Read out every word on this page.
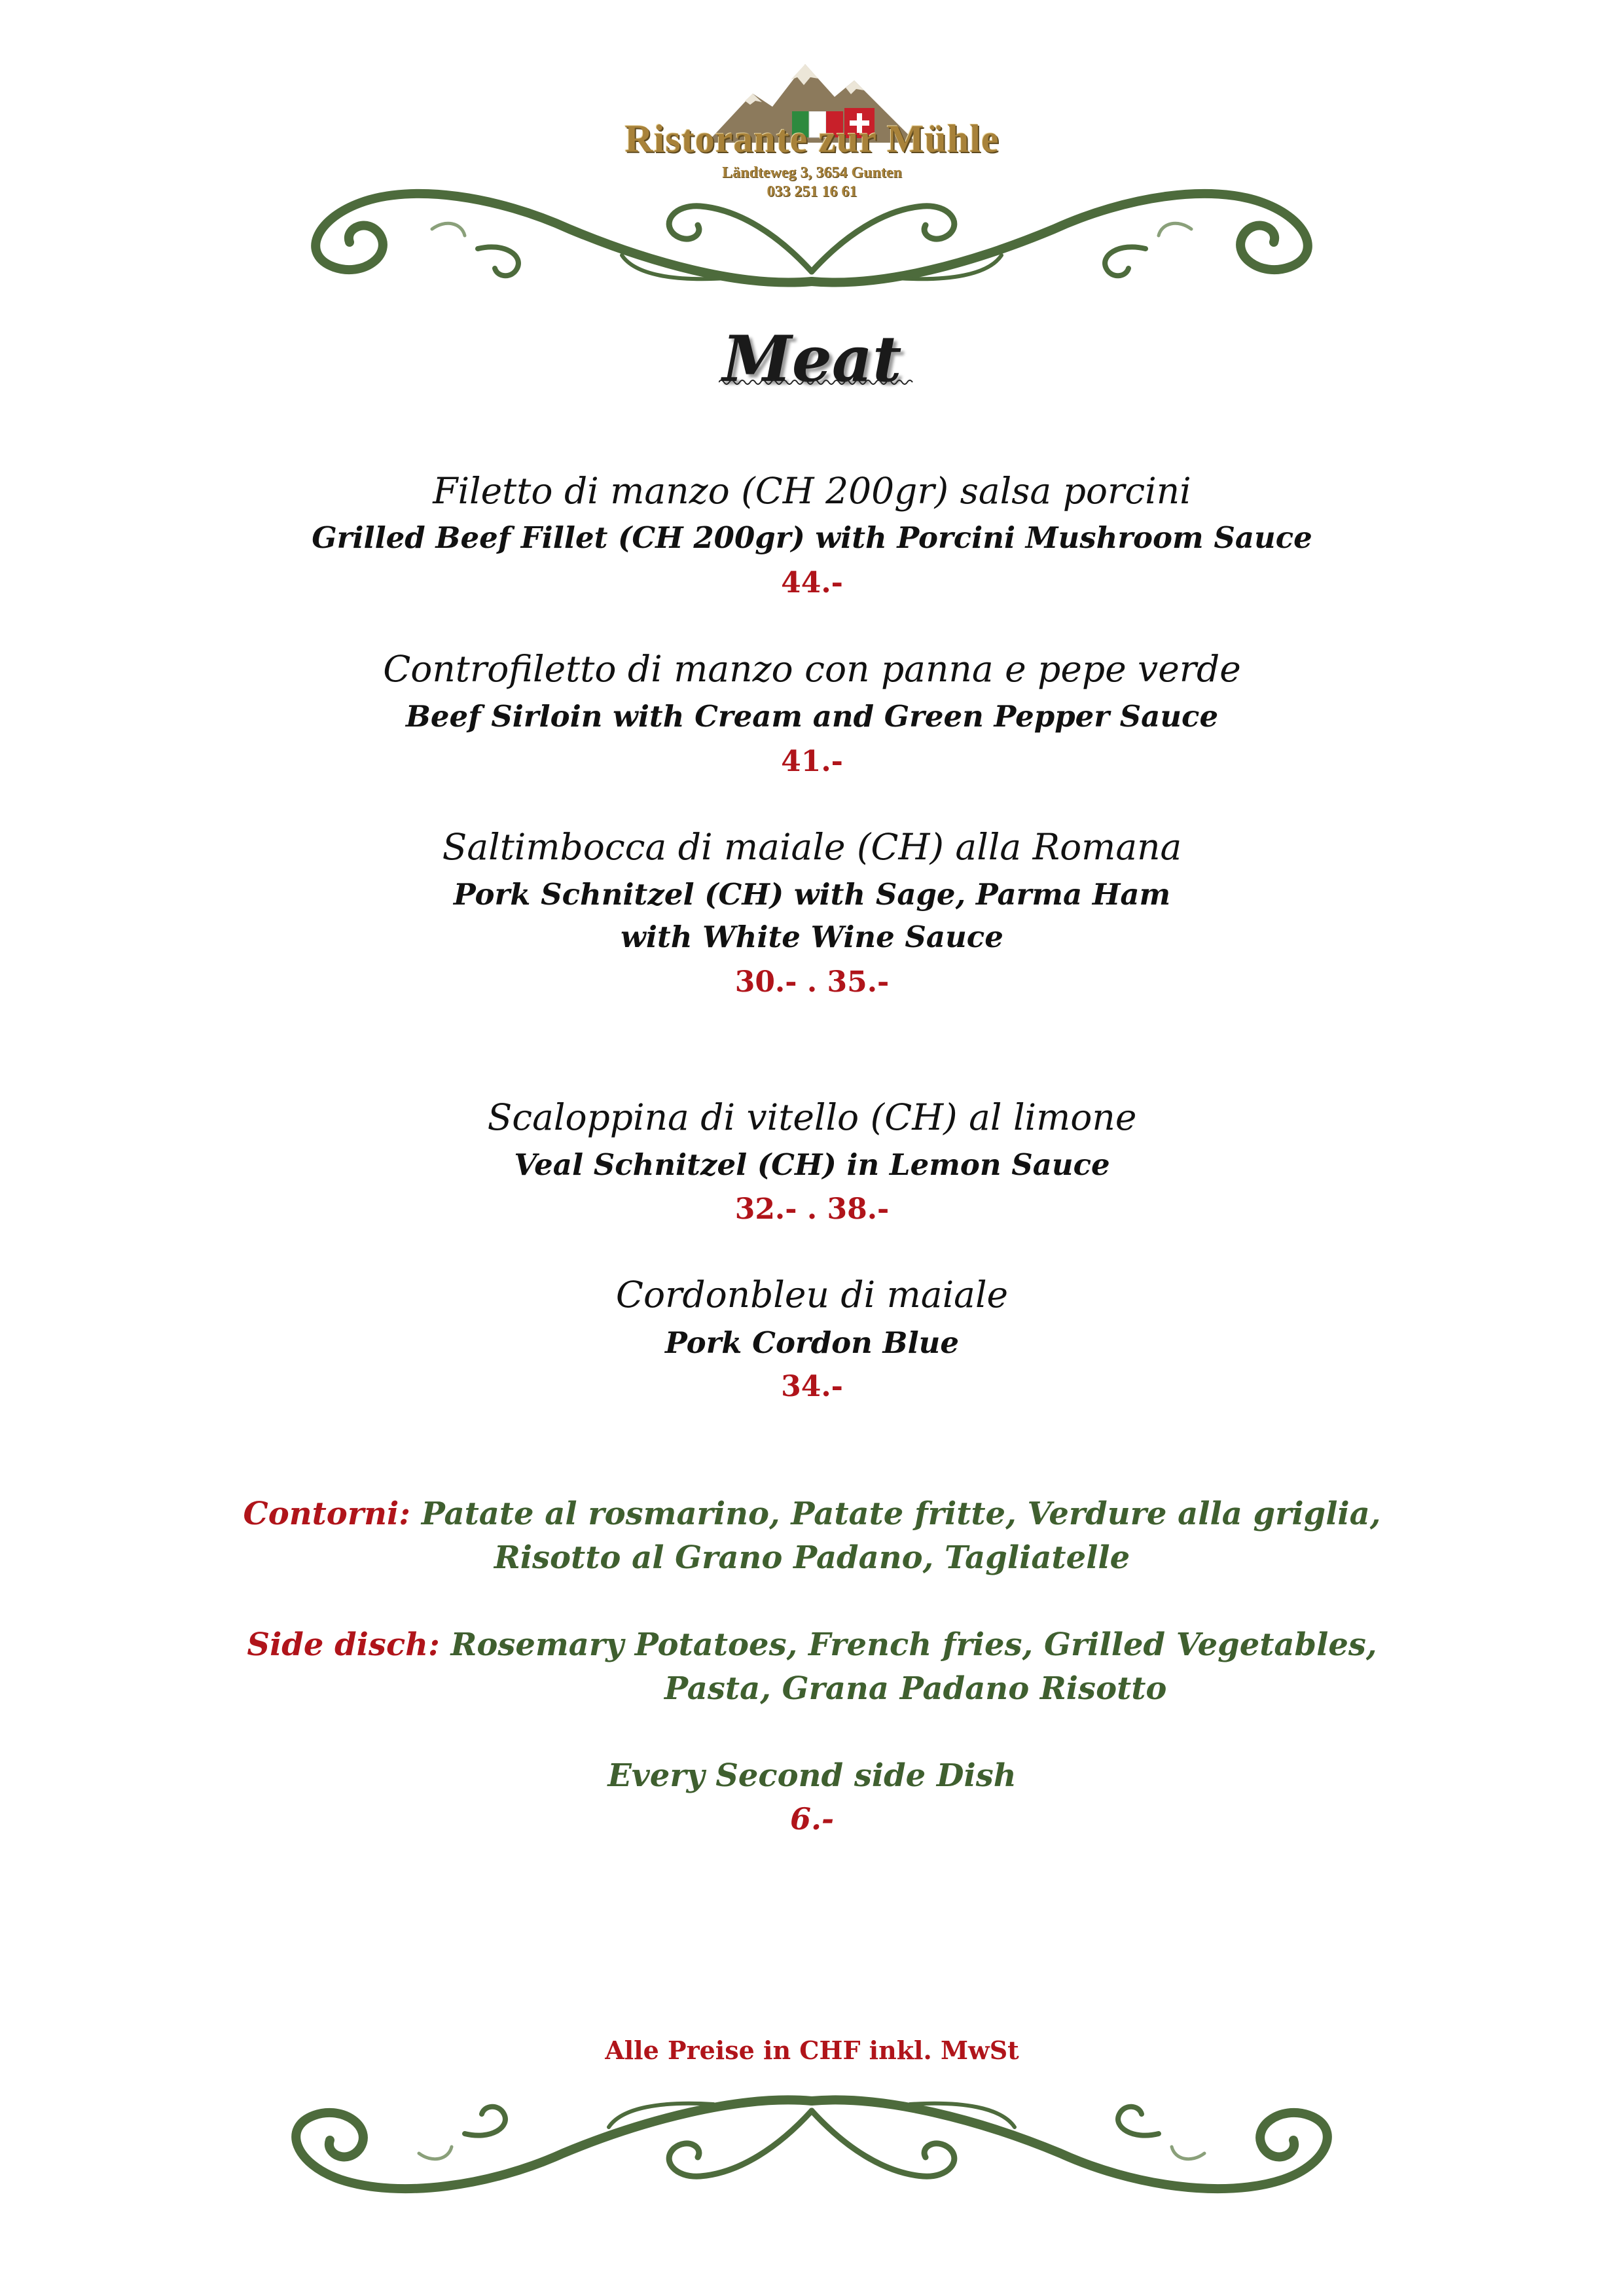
Ristorante zur Mühle
Ländteweg 3, 3654 Gunten
033 251 16 61
Meat
Filetto di manzo (CH 200gr) salsa porcini
Grilled Beef Fillet (CH 200gr) with Porcini Mushroom Sauce
44.-
Controfiletto di manzo con panna e pepe verde
Beef Sirloin with Cream and Green Pepper Sauce
41.-
Saltimbocca di maiale (CH) alla Romana
Pork Schnitzel (CH) with Sage, Parma Ham
with White Wine Sauce
30.- . 35.-
Scaloppina di vitello (CH) al limone
Veal Schnitzel (CH) in Lemon Sauce
32.- . 38.-
Cordonbleu di maiale
Pork Cordon Blue
34.-
Contorni: Patate al rosmarino, Patate fritte, Verdure alla griglia,
Risotto al Grano Padano, Tagliatelle
Side disch: Rosemary Potatoes, French fries, Grilled Vegetables,
Pasta, Grana Padano Risotto
Every Second side Dish
6.-
Alle Preise in CHF inkl. MwSt
